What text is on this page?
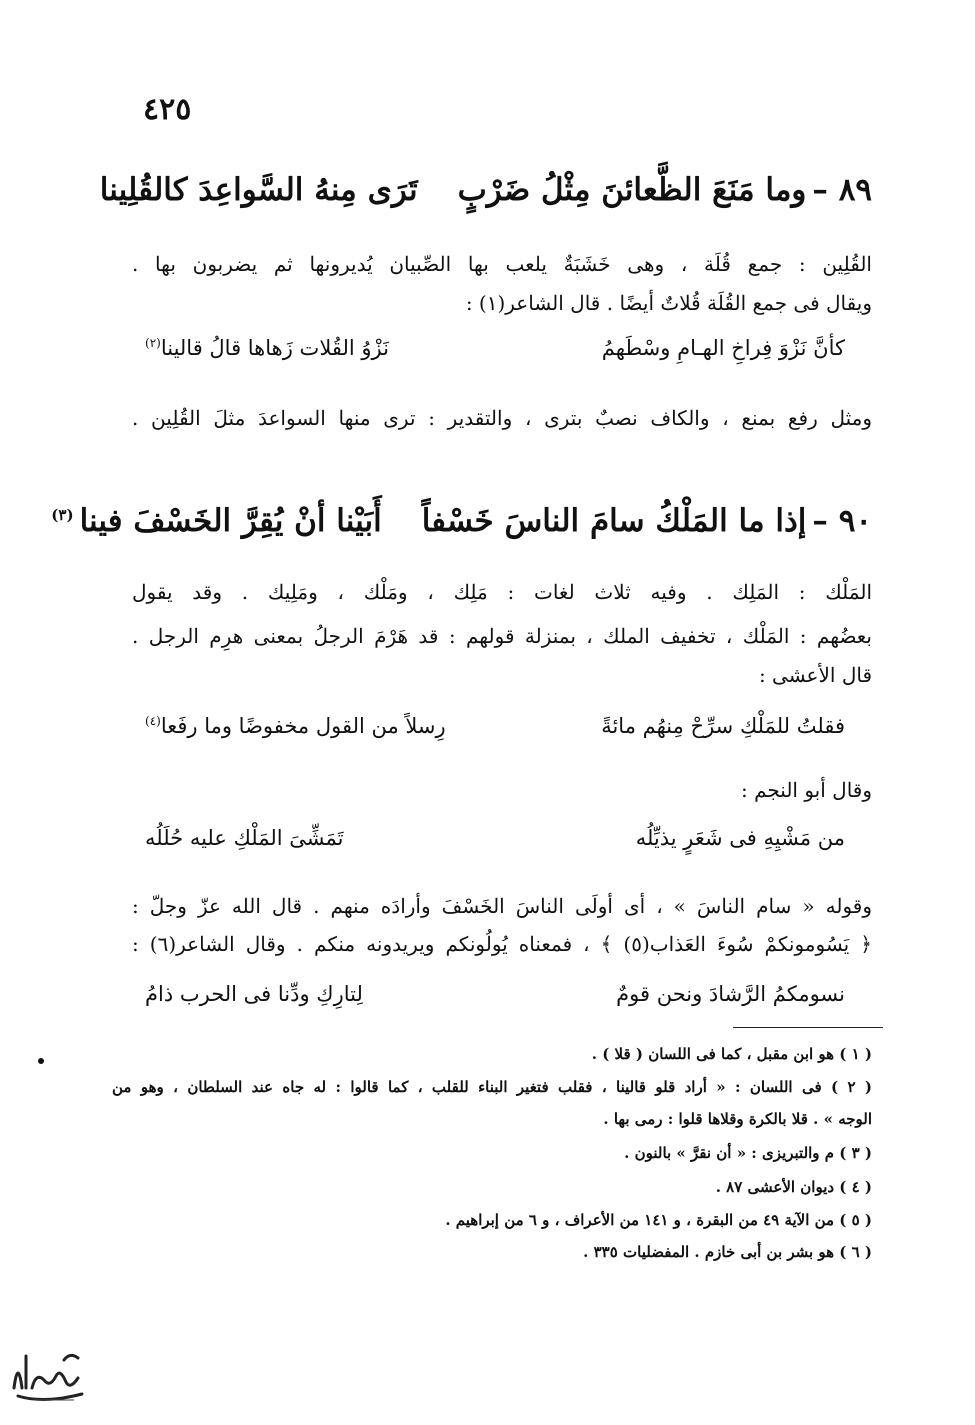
٤٢٥
٨٩ –وما مَنَعَ الظَّعائنَ مِثْلُ ضَرْبٍ
تَرَى مِنهُ السَّواعِدَ كالقُلِينا
القُلِين : جمع قُلَة ، وهى خَشَبَةٌ يلعب بها الصِّبيان يُديرونها ثم يضربون بها .
ويقال فى جمع القُلَة قُلاتٌ أيضًا . قال الشاعر(١) :
كأنَّ نَزْوَ فِراخِ الهـامِ وسْطَهمُ
نَزْوُ القُلات زَهاها قالُ قالينا$^{(٢)}$
ومثل رفع بمنع ، والكاف نصبٌ بترى ، والتقدير : ترى منها السواعدَ مثلَ القُلِين .
٩٠ –إذا ما المَلْكُ سامَ الناسَ خَسْفاً
أَبَيْنا أنْ يُقِرَّ الخَسْفَ فينا$^{(٣)}$
المَلْك : المَلِك . وفيه ثلاث لغات : مَلِك ، ومَلْك ، ومَلِيك . وقد يقول
بعضُهم : المَلْك ، تخفيف الملك ، بمنزلة قولهم : قد هَرْمَ الرجلُ بمعنى هرِم الرجل .
قال الأعشى :
فقلتُ للمَلْكِ سرِّحْ مِنهُم مائةً
رِسلاً من القول مخفوضًا وما رفَعا$^{(٤)}$
وقال أبو النجم :
من مَشْيِهِ فى شَعَرٍ يذيِّلُه
تَمَشِّىَ المَلْكِ عليه حُلَلُه
وقوله « سام الناسَ » ، أى أولَى الناسَ الخَسْفَ وأرادَه منهم . قال الله عزّ وجلّ :
﴿ يَسُومونكمْ سُوءَ العَذاب(٥) ﴾ ، فمعناه يُولُونكم ويريدونه منكم . وقال الشاعر(٦) :
نسومكمُ الرَّشادَ ونحن قومٌ
لِتارِكِ ودِّنا فى الحرب ذامُ
( ١ ) هو ابن مقبل ، كما فى اللسان ( قلا ) .
( ٢ ) فى اللسان : « أراد قلو قالينا ، فقلب فتغير البناء للقلب ، كما قالوا : له جاه عند السلطان ، وهو من
الوجه » . قلا بالكرة وقلاها قلوا : رمى بها .
( ٣ ) م والتبريزى : « أن نقرَّ » بالنون .
( ٤ ) ديوان الأعشى ٨٧ .
( ٥ ) من الآية ٤٩ من البقرة ، و ١٤١ من الأعراف ، و ٦ من إبراهيم .
( ٦ ) هو بشر بن أبى خازم . المفضليات ٣٣٥ .
